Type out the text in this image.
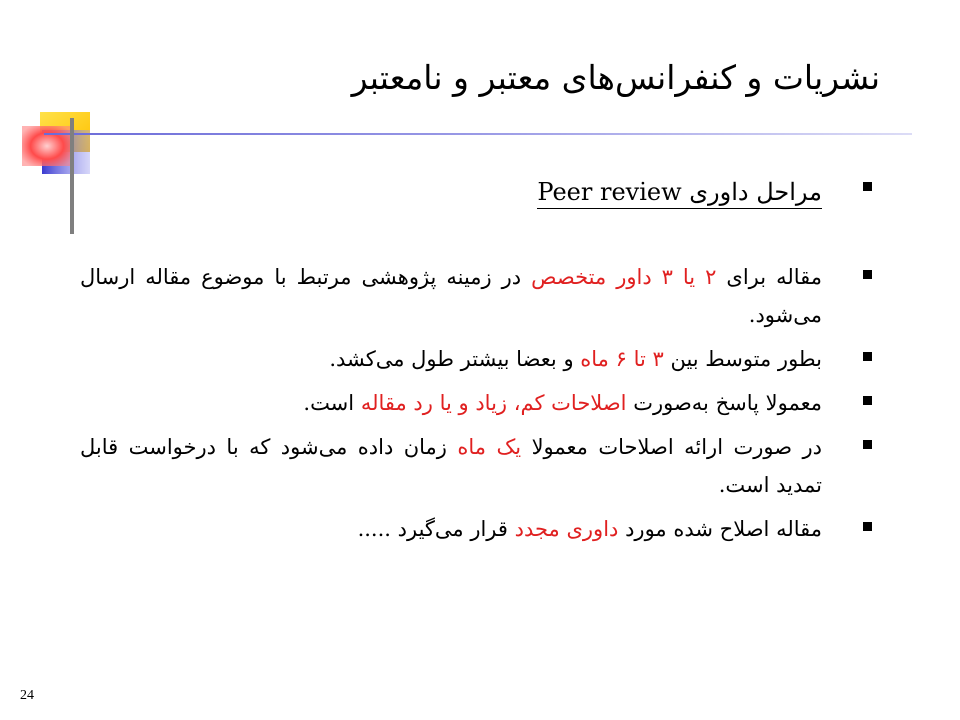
نشریات و کنفرانس‌های معتبر و نامعتبر
مراحل داوری Peer review
مقاله برای ۲ یا ۳ داور متخصص در زمینه پژوهشی مرتبط با موضوع مقاله ارسال می‌شود.
بطور متوسط بین ۳ تا ۶ ماه و بعضا بیشتر طول می‌کشد.
معمولا پاسخ به‌صورت اصلاحات کم، زیاد و یا رد مقاله است.
در صورت ارائه اصلاحات معمولا یک ماه زمان داده می‌شود که با درخواست قابل تمدید است.
مقاله اصلاح شده مورد داوری مجدد قرار می‌گیرد .....
24
